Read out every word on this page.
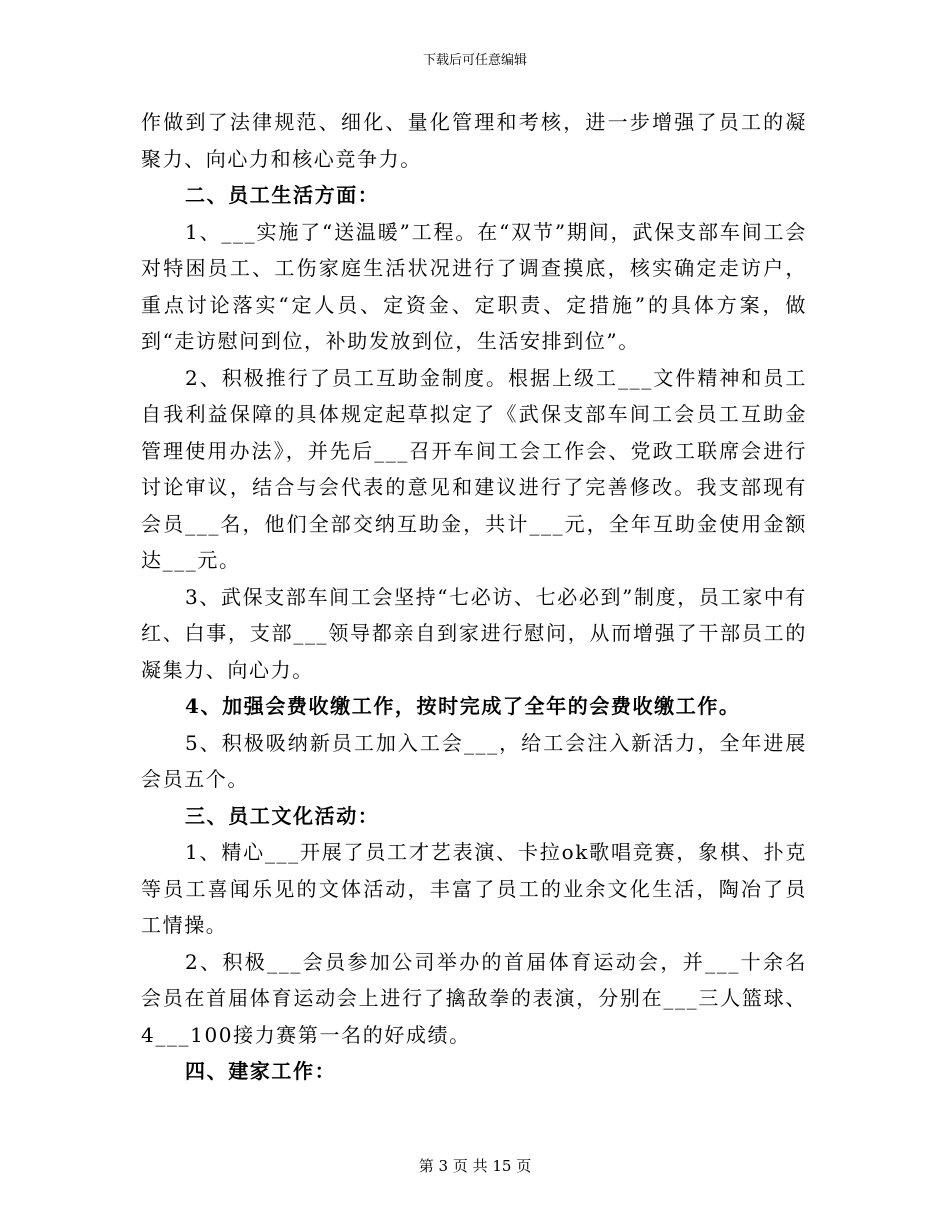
下载后可任意编辑

作做到了法律规范、细化、量化管理和考核，进一步增强了员工的凝聚力、向心力和核心竞争力。

二、员工生活方面：

1、___实施了“送温暖”工程。在“双节”期间，武保支部车间工会对特困员工、工伤家庭生活状况进行了调查摸底，核实确定走访户，重点讨论落实“定人员、定资金、定职责、定措施”的具体方案，做到“走访慰问到位，补助发放到位，生活安排到位”。

2、积极推行了员工互助金制度。根据上级工___文件精神和员工自我利益保障的具体规定起草拟定了《武保支部车间工会员工互助金管理使用办法》，并先后___召开车间工会工作会、党政工联席会进行讨论审议，结合与会代表的意见和建议进行了完善修改。我支部现有会员___名，他们全部交纳互助金，共计___元，全年互助金使用金额达___元。

3、武保支部车间工会坚持“七必访、七必必到”制度，员工家中有红、白事，支部___领导都亲自到家进行慰问，从而增强了干部员工的凝集力、向心力。

4、加强会费收缴工作，按时完成了全年的会费收缴工作。

5、积极吸纳新员工加入工会___，给工会注入新活力，全年进展会员五个。

三、员工文化活动：

1、精心___开展了员工才艺表演、卡拉ok歌唱竞赛，象棋、扑克等员工喜闻乐见的文体活动，丰富了员工的业余文化生活，陶冶了员工情操。

2、积极___会员参加公司举办的首届体育运动会，并___十余名会员在首届体育运动会上进行了擒敌拳的表演，分别在___三人篮球、4___100接力赛第一名的好成绩。

四、建家工作：

第 3 页 共 15 页
